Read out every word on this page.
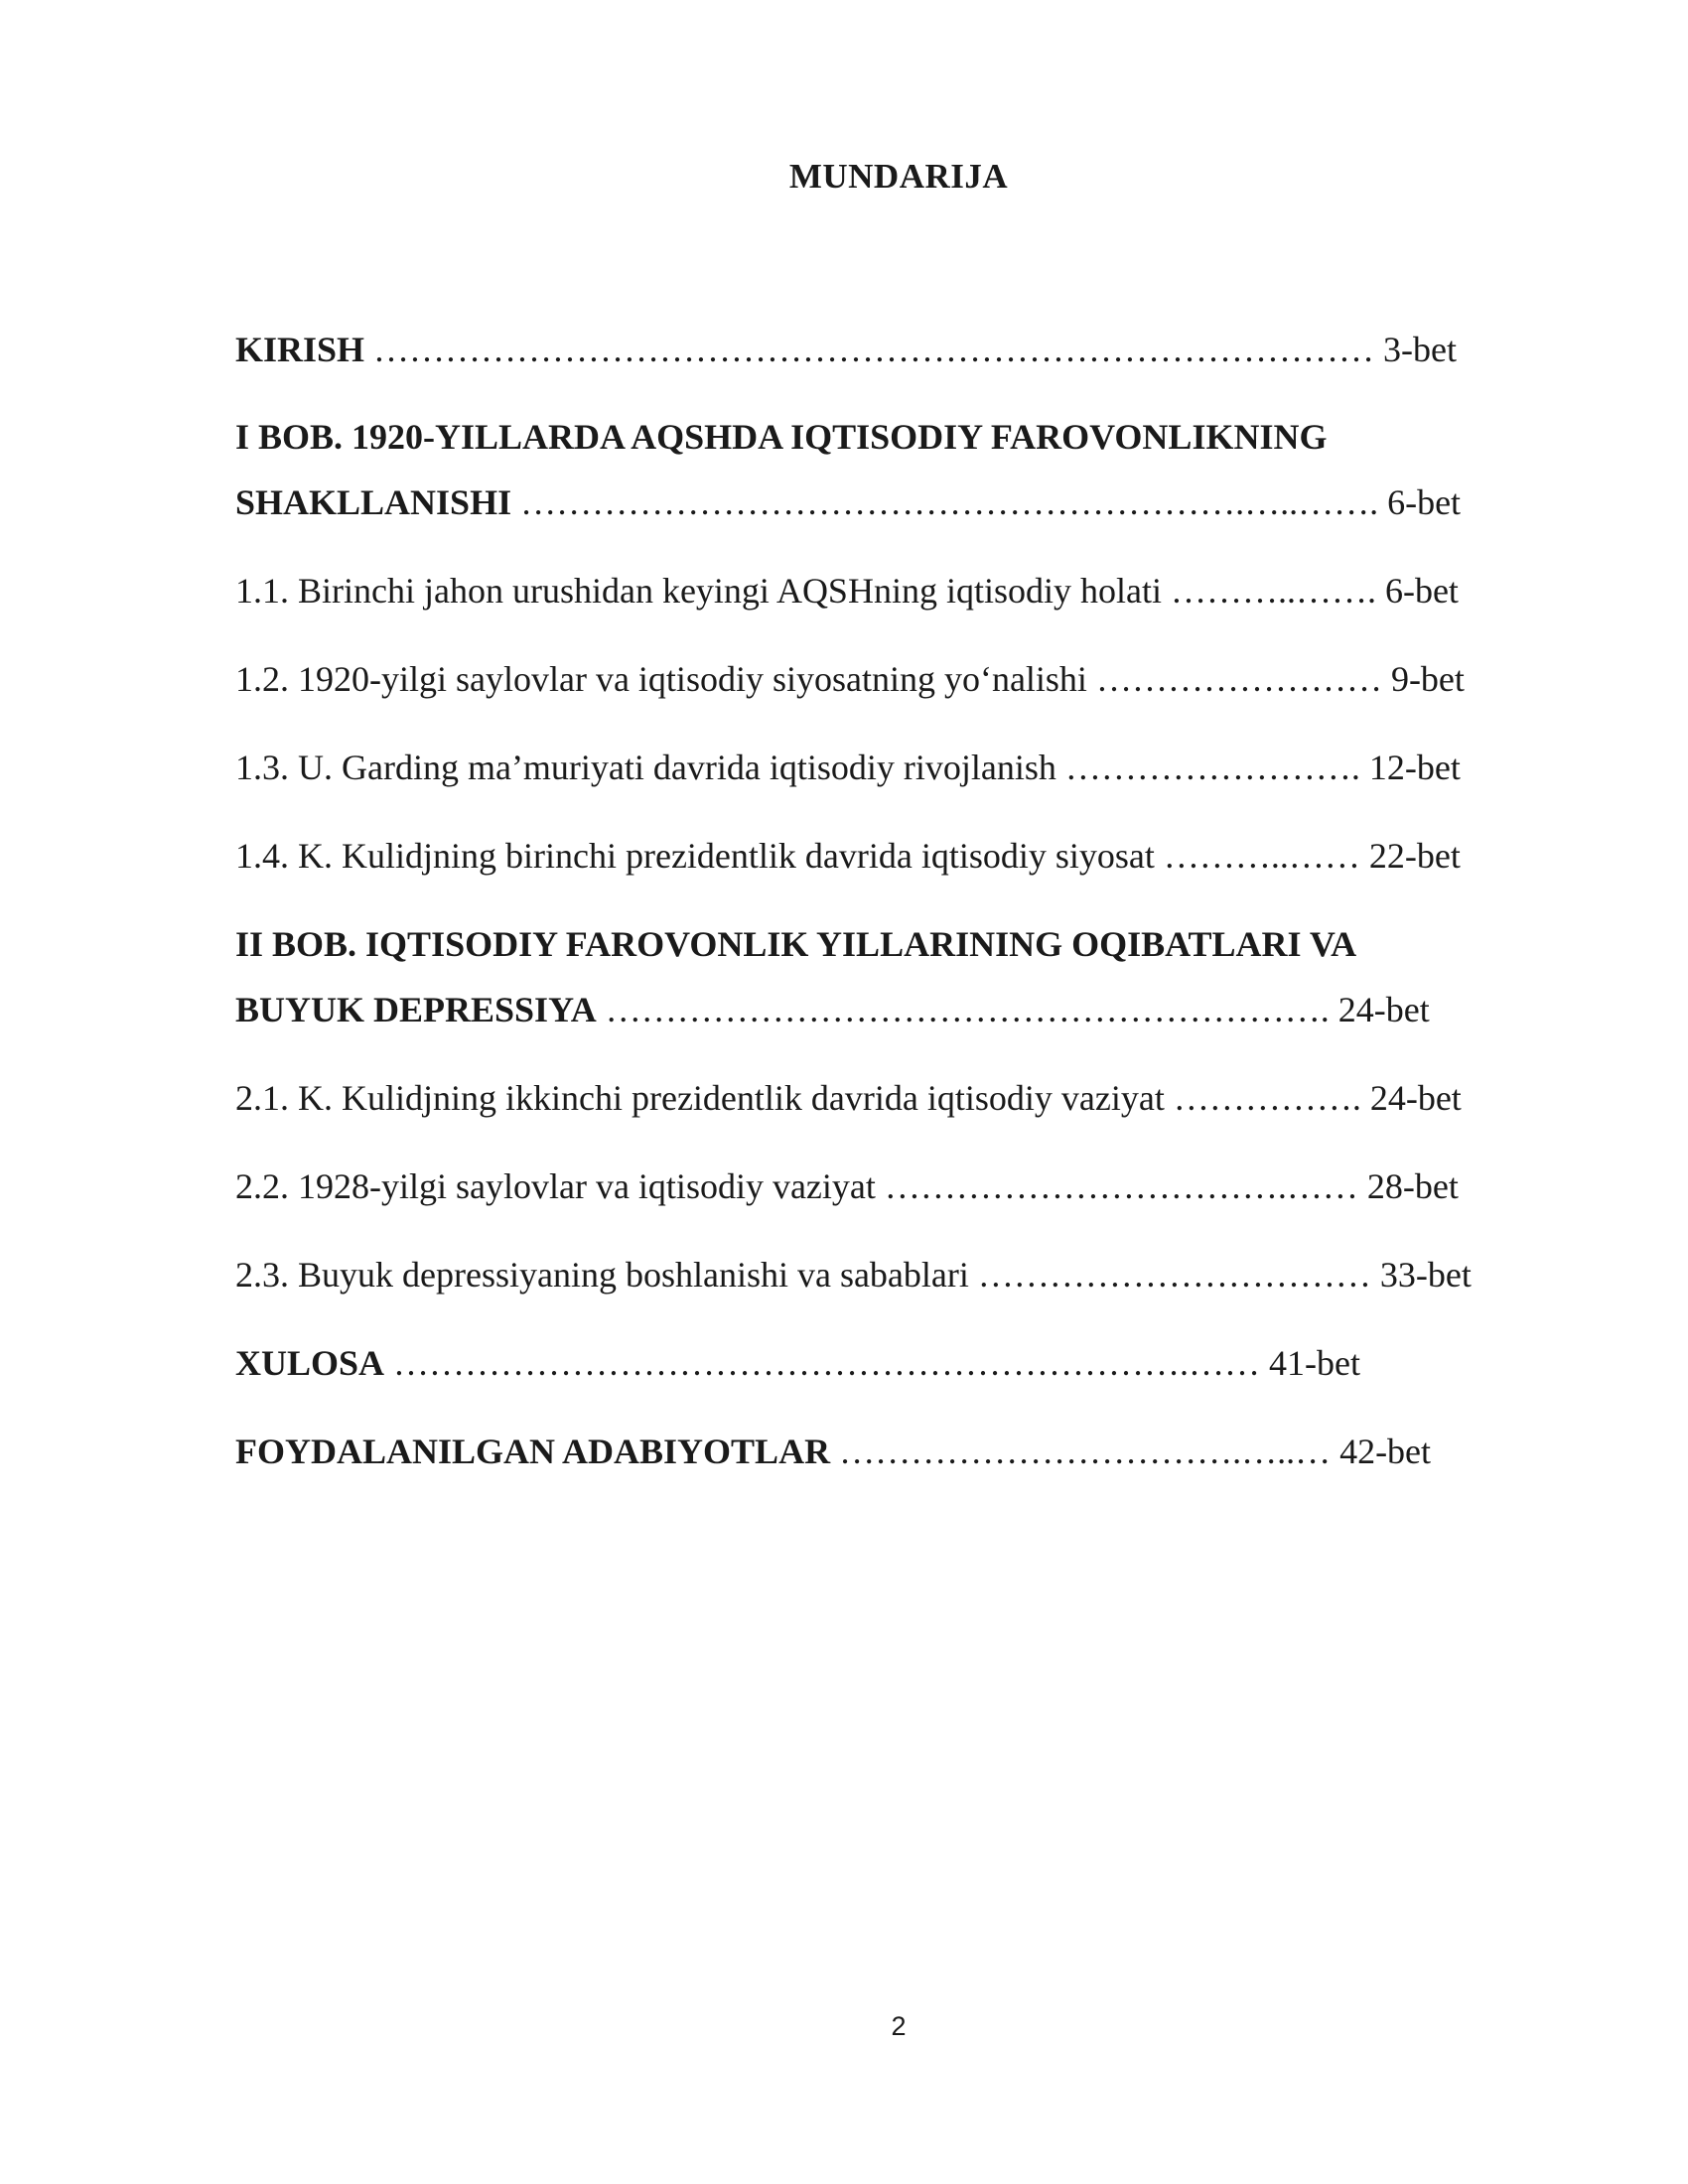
MUNDARIJA
KIRISH ………………………………………………………………………… 3-bet
I BOB. 1920-YILLARDA AQSHDA IQTISODIY FAROVONLIKNING
SHAKLLANISHI …………………………………………………….…..……. 6-bet
1.1. Birinchi jahon urushidan keyingi AQSHning iqtisodiy holati ………..……. 6-bet
1.2. 1920-yilgi saylovlar va iqtisodiy siyosatning yo‘nalishi …………………… 9-bet
1.3. U. Garding ma’muriyati davrida iqtisodiy rivojlanish ……………………. 12-bet
1.4. K. Kulidjning birinchi prezidentlik davrida iqtisodiy siyosat ………..…… 22-bet
II BOB. IQTISODIY FAROVONLIK YILLARINING OQIBATLARI VA
BUYUK DEPRESSIYA ……………………………………………………. 24-bet
2.1. K. Kulidjning ikkinchi prezidentlik davrida iqtisodiy vaziyat ……………. 24-bet
2.2. 1928-yilgi saylovlar va iqtisodiy vaziyat …………………………….…… 28-bet
2.3. Buyuk depressiyaning boshlanishi va sabablari …………………………… 33-bet
XULOSA ………………………………………………………….…… 41-bet
FOYDALANILGAN ADABIYOTLAR …………………………….…..… 42-bet
2
